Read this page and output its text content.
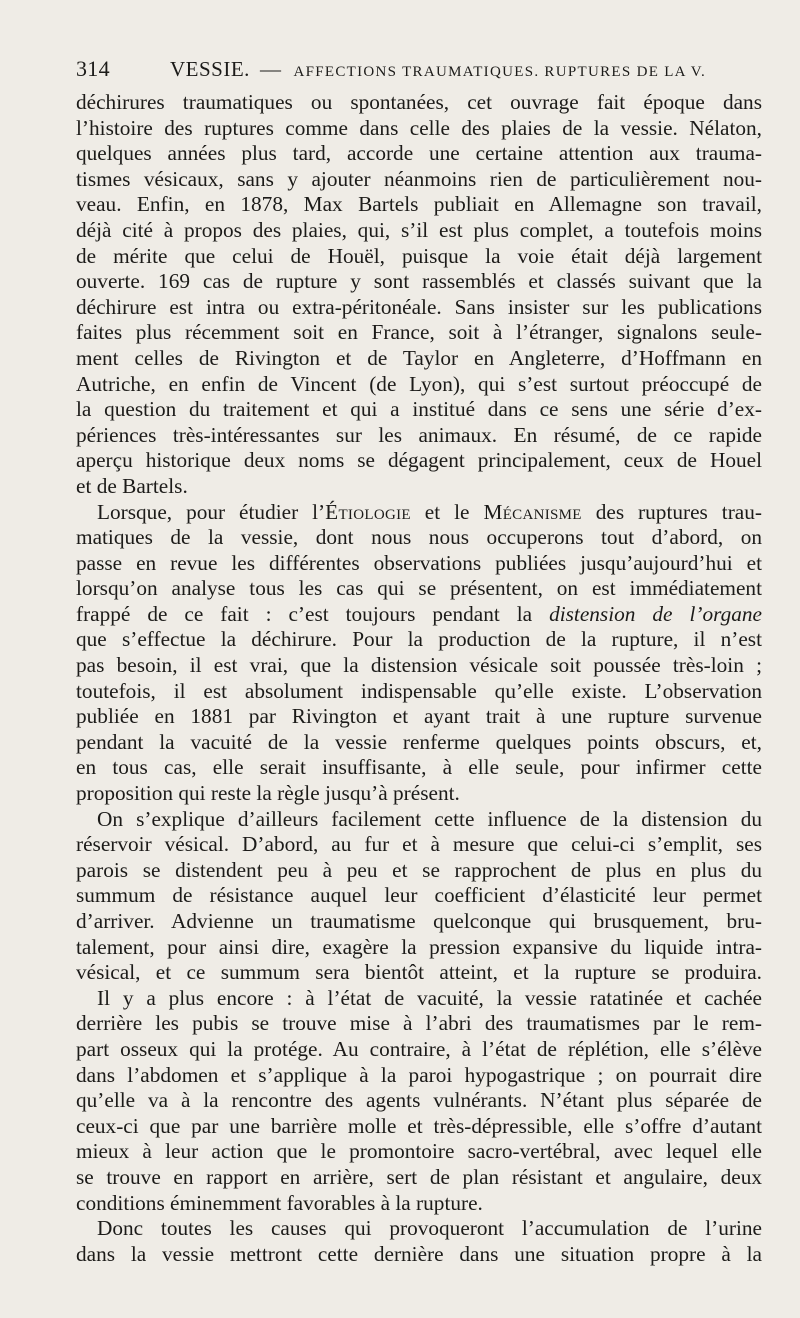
314	VESSIE. — AFFECTIONS TRAUMATIQUES. RUPTURES DE LA V.
déchirures traumatiques ou spontanées, cet ouvrage fait époque dans
l’histoire des ruptures comme dans celle des plaies de la vessie. Nélaton,
quelques années plus tard, accorde une certaine attention aux trauma-
tismes vésicaux, sans y ajouter néanmoins rien de particulièrement nou-
veau. Enfin, en 1878, Max Bartels publiait en Allemagne son travail,
déjà cité à propos des plaies, qui, s’il est plus complet, a toutefois moins
de mérite que celui de Houël, puisque la voie était déjà largement
ouverte. 169 cas de rupture y sont rassemblés et classés suivant que la
déchirure est intra ou extra-péritonéale. Sans insister sur les publications
faites plus récemment soit en France, soit à l’étranger, signalons seule-
ment celles de Rivington et de Taylor en Angleterre, d’Hoffmann en
Autriche, en enfin de Vincent (de Lyon), qui s’est surtout préoccupé de
la question du traitement et qui a institué dans ce sens une série d’ex-
périences très-intéressantes sur les animaux. En résumé, de ce rapide
aperçu historique deux noms se dégagent principalement, ceux de Houel
et de Bartels.
Lorsque, pour étudier l’Étiologie et le Mécanisme des ruptures trau-
matiques de la vessie, dont nous nous occuperons tout d’abord, on
passe en revue les différentes observations publiées jusqu’aujourd’hui et
lorsqu’on analyse tous les cas qui se présentent, on est immédiatement
frappé de ce fait : c’est toujours pendant la distension de l’organe
que s’effectue la déchirure. Pour la production de la rupture, il n’est
pas besoin, il est vrai, que la distension vésicale soit poussée très-loin ;
toutefois, il est absolument indispensable qu’elle existe. L’observation
publiée en 1881 par Rivington et ayant trait à une rupture survenue
pendant la vacuité de la vessie renferme quelques points obscurs, et,
en tous cas, elle serait insuffisante, à elle seule, pour infirmer cette
proposition qui reste la règle jusqu’à présent.
On s’explique d’ailleurs facilement cette influence de la distension du
réservoir vésical. D’abord, au fur et à mesure que celui-ci s’emplit, ses
parois se distendent peu à peu et se rapprochent de plus en plus du
summum de résistance auquel leur coefficient d’élasticité leur permet
d’arriver. Advienne un traumatisme quelconque qui brusquement, bru-
talement, pour ainsi dire, exagère la pression expansive du liquide intra-
vésical, et ce summum sera bientôt atteint, et la rupture se produira.
Il y a plus encore : à l’état de vacuité, la vessie ratatinée et cachée
derrière les pubis se trouve mise à l’abri des traumatismes par le rem-
part osseux qui la protége. Au contraire, à l’état de réplétion, elle s’élève
dans l’abdomen et s’applique à la paroi hypogastrique ; on pourrait dire
qu’elle va à la rencontre des agents vulnérants. N’étant plus séparée de
ceux-ci que par une barrière molle et très-dépressible, elle s’offre d’autant
mieux à leur action que le promontoire sacro-vertébral, avec lequel elle
se trouve en rapport en arrière, sert de plan résistant et angulaire, deux
conditions éminemment favorables à la rupture.
Donc toutes les causes qui provoqueront l’accumulation de l’urine
dans la vessie mettront cette dernière dans une situation propre à la
